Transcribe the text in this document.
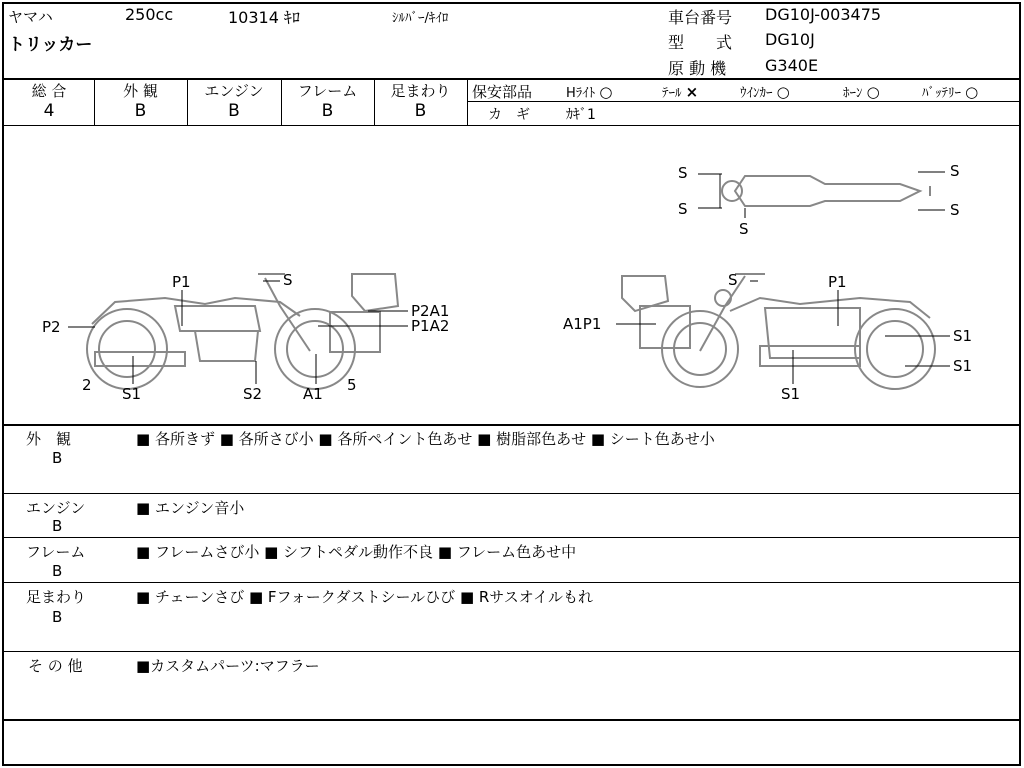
ヤマハ
トリッカー
250cc	10314 ｷﾛ	ｼﾙﾊﾞｰ/ｷｲﾛ	車台番号 DG10J-003475
型　　式 DG10J
原 動 機 G340E
総 合
4
外 観
B
エンジン
B
フレーム
B
足まわり
B
保安部品	Hﾗｲﾄ ○	ﾃｰﾙ ×	ｳｲﾝｶｰ ○	ﾎｰﾝ ○	ﾊﾞｯﾃﾘｰ ○
カ　ギ	ｶｷﾞ1
P2
P1	S
P2A1
P1A2
2 S1	S2	A1 5
S	P1
A1P1
S1
S1
S1
S
S
S
S
S
外　観
B
■ 各所きず ■ 各所さび小 ■ 各所ペイント色あせ ■ 樹脂部色あせ ■ シート色あせ小
エンジン
B
■ エンジン音小
フレーム
B
■ フレームさび小 ■ シフトペダル動作不良 ■ フレーム色あせ中
足まわり
B
■ チェーンさび ■ Fフォークダストシールひび ■ Rサスオイルもれ
そ の 他	■カスタムパーツ:マフラー
